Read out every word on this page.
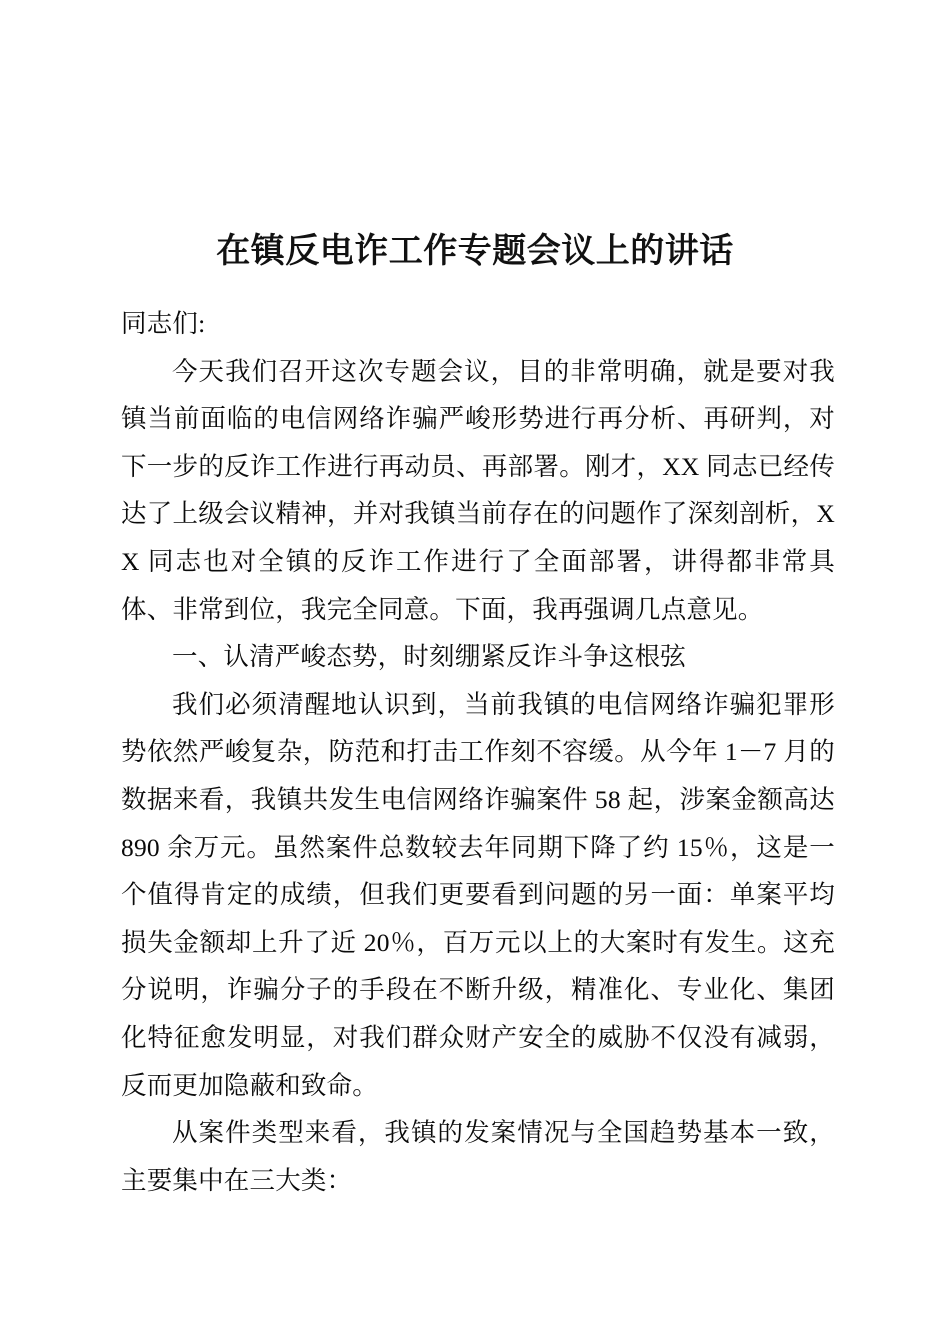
在镇反电诈工作专题会议上的讲话

同志们:

今天我们召开这次专题会议，目的非常明确，就是要对我镇当前面临的电信网络诈骗严峻形势进行再分析、再研判，对下一步的反诈工作进行再动员、再部署。刚才，XX 同志已经传达了上级会议精神，并对我镇当前存在的问题作了深刻剖析，XX 同志也对全镇的反诈工作进行了全面部署，讲得都非常具体、非常到位，我完全同意。下面，我再强调几点意见。

一、认清严峻态势，时刻绷紧反诈斗争这根弦

我们必须清醒地认识到，当前我镇的电信网络诈骗犯罪形势依然严峻复杂，防范和打击工作刻不容缓。从今年 1－7 月的数据来看，我镇共发生电信网络诈骗案件 58 起，涉案金额高达 890 余万元。虽然案件总数较去年同期下降了约 15％，这是一个值得肯定的成绩，但我们更要看到问题的另一面：单案平均损失金额却上升了近 20％，百万元以上的大案时有发生。这充分说明，诈骗分子的手段在不断升级，精准化、专业化、集团化特征愈发明显，对我们群众财产安全的威胁不仅没有减弱，反而更加隐蔽和致命。

从案件类型来看，我镇的发案情况与全国趋势基本一致，主要集中在三大类：
